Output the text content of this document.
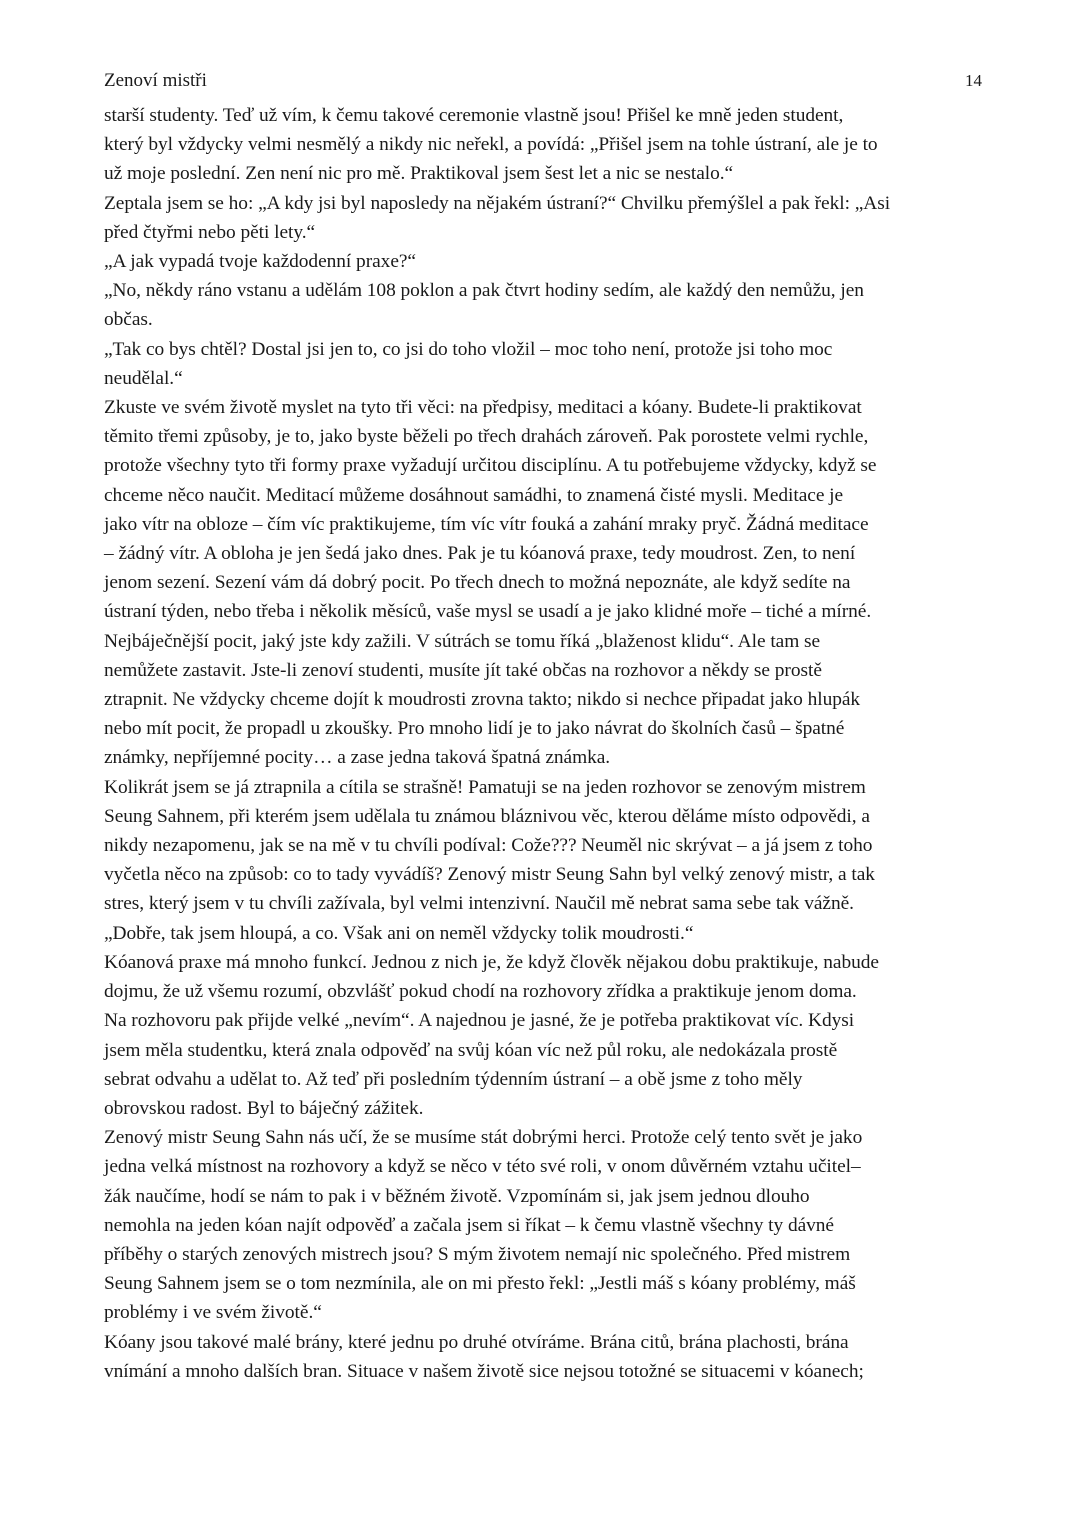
Zenoví mistři	14
starší studenty. Teď už vím, k čemu takové ceremonie vlastně jsou! Přišel ke mně jeden student,
který byl vždycky velmi nesmělý a nikdy nic neřekl, a povídá: „Přišel jsem na tohle ústraní, ale je to
už moje poslední. Zen není nic pro mě. Praktikoval jsem šest let a nic se nestalo.“
Zeptala jsem se ho: „A kdy jsi byl naposledy na nějakém ústraní?“ Chvilku přemýšlel a pak řekl: „Asi
před čtyřmi nebo pěti lety.“
„A jak vypadá tvoje každodenní praxe?“
„No, někdy ráno vstanu a udělám 108 poklon a pak čtvrt hodiny sedím, ale každý den nemůžu, jen
občas.
„Tak co bys chtěl? Dostal jsi jen to, co jsi do toho vložil – moc toho není, protože jsi toho moc
neudělal.“
Zkuste ve svém životě myslet na tyto tři věci: na předpisy, meditaci a kóany. Budete-li praktikovat
těmito třemi způsoby, je to, jako byste běželi po třech drahách zároveň. Pak porostete velmi rychle,
protože všechny tyto tři formy praxe vyžadují určitou disciplínu. A tu potřebujeme vždycky, když se
chceme něco naučit. Meditací můžeme dosáhnout samádhi, to znamená čisté mysli. Meditace je
jako vítr na obloze – čím víc praktikujeme, tím víc vítr fouká a zahání mraky pryč. Žádná meditace
– žádný vítr. A obloha je jen šedá jako dnes. Pak je tu kóanová praxe, tedy moudrost. Zen, to není
jenom sezení. Sezení vám dá dobrý pocit. Po třech dnech to možná nepoznáte, ale když sedíte na
ústraní týden, nebo třeba i několik měsíců, vaše mysl se usadí a je jako klidné moře – tiché a mírné.
Nejbáječnější pocit, jaký jste kdy zažili. V sútrách se tomu říká „blaženost klidu“. Ale tam se
nemůžete zastavit. Jste-li zenoví studenti, musíte jít také občas na rozhovor a někdy se prostě
ztrapnit. Ne vždycky chceme dojít k moudrosti zrovna takto; nikdo si nechce připadat jako hlupák
nebo mít pocit, že propadl u zkoušky. Pro mnoho lidí je to jako návrat do školních časů – špatné
známky, nepříjemné pocity… a zase jedna taková špatná známka.
Kolikrát jsem se já ztrapnila a cítila se strašně! Pamatuji se na jeden rozhovor se zenovým mistrem
Seung Sahnem, při kterém jsem udělala tu známou bláznivou věc, kterou děláme místo odpovědi, a
nikdy nezapomenu, jak se na mě v tu chvíli podíval: Cože??? Neuměl nic skrývat – a já jsem z toho
vyčetla něco na způsob: co to tady vyvádíš? Zenový mistr Seung Sahn byl velký zenový mistr, a tak
stres, který jsem v tu chvíli zažívala, byl velmi intenzivní. Naučil mě nebrat sama sebe tak vážně.
„Dobře, tak jsem hloupá, a co. Však ani on neměl vždycky tolik moudrosti.“
Kóanová praxe má mnoho funkcí. Jednou z nich je, že když člověk nějakou dobu praktikuje, nabude
dojmu, že už všemu rozumí, obzvlášť pokud chodí na rozhovory zřídka a praktikuje jenom doma.
Na rozhovoru pak přijde velké „nevím“. A najednou je jasné, že je potřeba praktikovat víc. Kdysi
jsem měla studentku, která znala odpověď na svůj kóan víc než půl roku, ale nedokázala prostě
sebrat odvahu a udělat to. Až teď při posledním týdenním ústraní – a obě jsme z toho měly
obrovskou radost. Byl to báječný zážitek.
Zenový mistr Seung Sahn nás učí, že se musíme stát dobrými herci. Protože celý tento svět je jako
jedna velká místnost na rozhovory a když se něco v této své roli, v onom důvěrném vztahu učitel–
žák naučíme, hodí se nám to pak i v běžném životě. Vzpomínám si, jak jsem jednou dlouho
nemohla na jeden kóan najít odpověď a začala jsem si říkat – k čemu vlastně všechny ty dávné
příběhy o starých zenových mistrech jsou? S mým životem nemají nic společného. Před mistrem
Seung Sahnem jsem se o tom nezmínila, ale on mi přesto řekl: „Jestli máš s kóany problémy, máš
problémy i ve svém životě.“
Kóany jsou takové malé brány, které jednu po druhé otvíráme. Brána citů, brána plachosti, brána
vnímání a mnoho dalších bran. Situace v našem životě sice nejsou totožné se situacemi v kóanech;
